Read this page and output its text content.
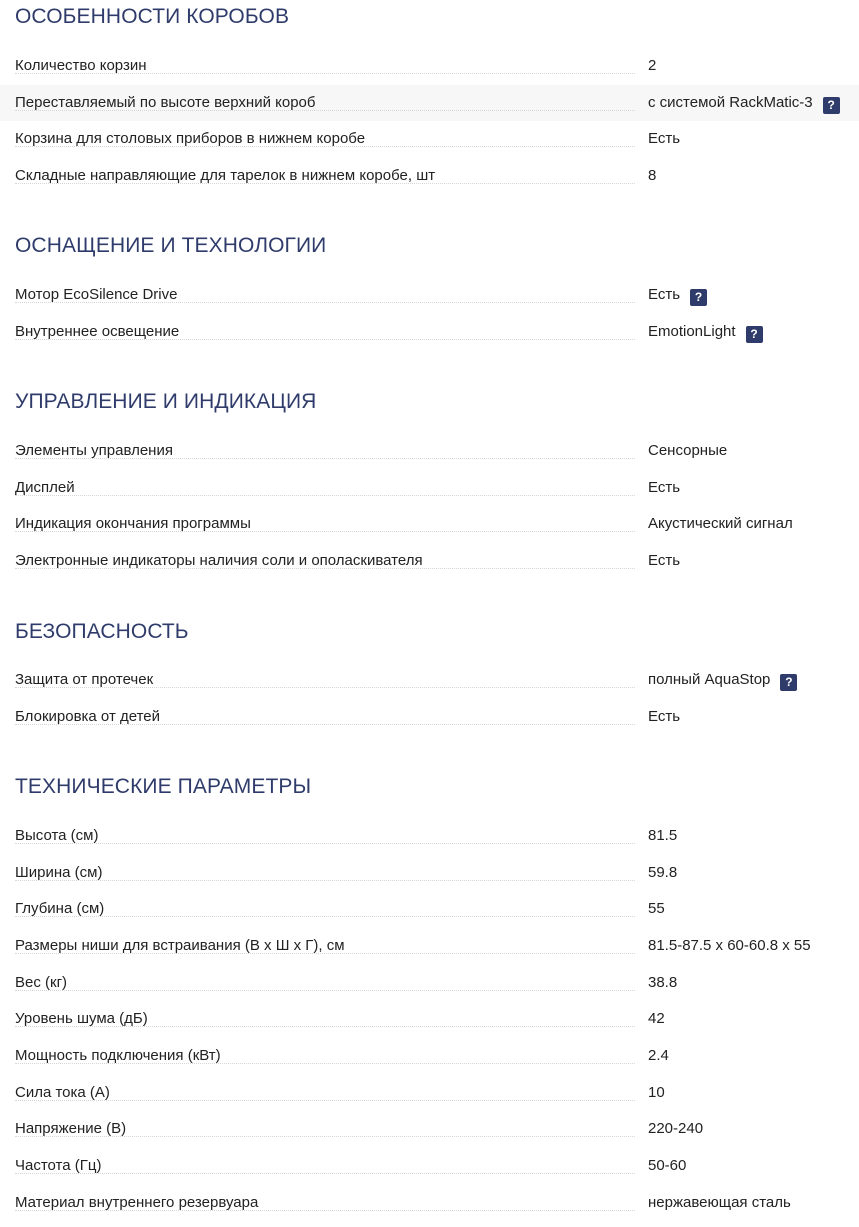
ОСОБЕННОСТИ КОРОБОВ
Количество корзин	2
Переставляемый по высоте верхний короб	с системой RackMatic-3 ?
Корзина для столовых приборов в нижнем коробе	Есть
Складные направляющие для тарелок в нижнем коробе, шт	8
ОСНАЩЕНИЕ И ТЕХНОЛОГИИ
Мотор EcoSilence Drive	Есть ?
Внутреннее освещение	EmotionLight ?
УПРАВЛЕНИЕ И ИНДИКАЦИЯ
Элементы управления	Сенсорные
Дисплей	Есть
Индикация окончания программы	Акустический сигнал
Электронные индикаторы наличия соли и ополаскивателя	Есть
БЕЗОПАСНОСТЬ
Защита от протечек	полный AquaStop ?
Блокировка от детей	Есть
ТЕХНИЧЕСКИЕ ПАРАМЕТРЫ
Высота (см)	81.5
Ширина (см)	59.8
Глубина (см)	55
Размеры ниши для встраивания (В x Ш x Г), см	81.5-87.5 x 60-60.8 x 55
Вес (кг)	38.8
Уровень шума (дБ)	42
Мощность подключения (кВт)	2.4
Сила тока (А)	10
Напряжение (В)	220-240
Частота (Гц)	50-60
Материал внутреннего резервуара	нержавеющая сталь
